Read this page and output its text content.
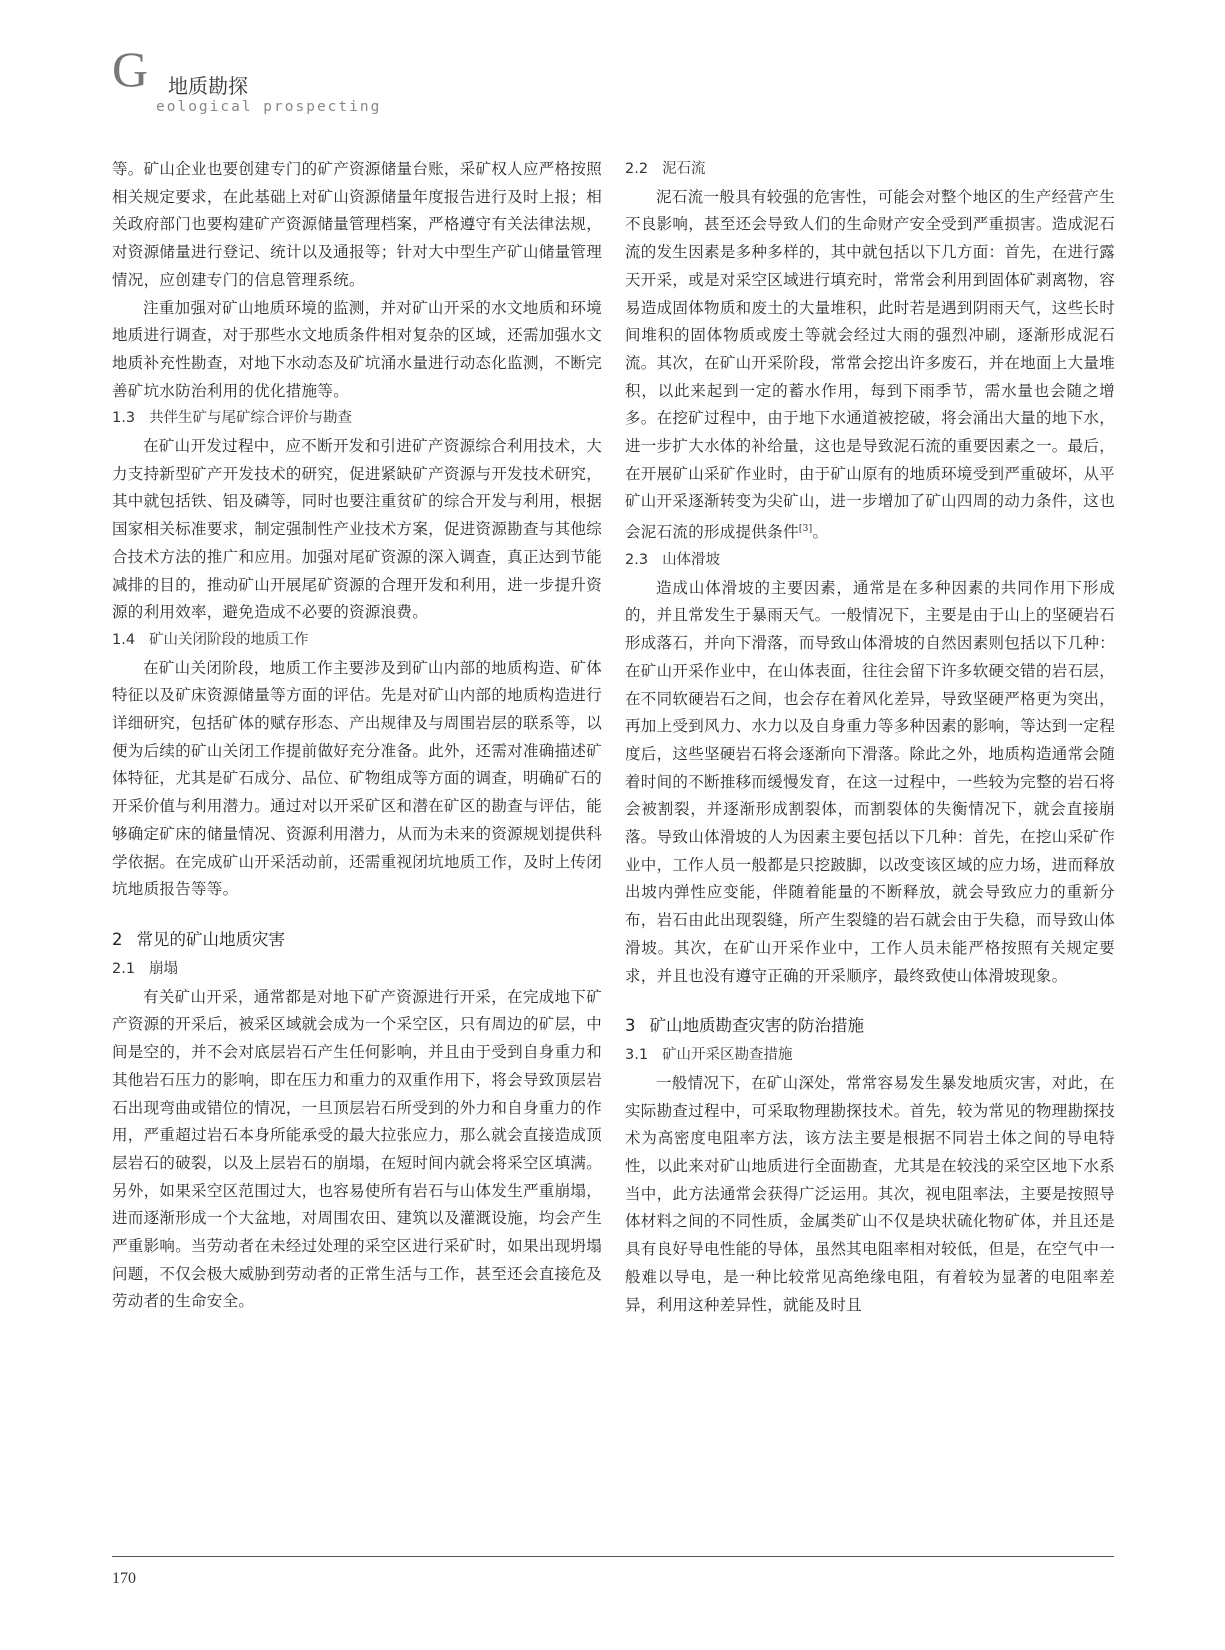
G 地质勘探
eological prospecting

等。矿山企业也要创建专门的矿产资源储量台账，采矿权人应严格按照相关规定要求，在此基础上对矿山资源储量年度报告进行及时上报；相关政府部门也要构建矿产资源储量管理档案，严格遵守有关法律法规，对资源储量进行登记、统计以及通报等；针对大中型生产矿山储量管理情况，应创建专门的信息管理系统。

注重加强对矿山地质环境的监测，并对矿山开采的水文地质和环境地质进行调查，对于那些水文地质条件相对复杂的区域，还需加强水文地质补充性勘查，对地下水动态及矿坑涌水量进行动态化监测，不断完善矿坑水防治利用的优化措施等。

1.3 共伴生矿与尾矿综合评价与勘查

在矿山开发过程中，应不断开发和引进矿产资源综合利用技术，大力支持新型矿产开发技术的研究，促进紧缺矿产资源与开发技术研究，其中就包括铁、铝及磷等，同时也要注重贫矿的综合开发与利用，根据国家相关标准要求，制定强制性产业技术方案，促进资源勘查与其他综合技术方法的推广和应用。加强对尾矿资源的深入调查，真正达到节能减排的目的，推动矿山开展尾矿资源的合理开发和利用，进一步提升资源的利用效率，避免造成不必要的资源浪费。

1.4 矿山关闭阶段的地质工作

在矿山关闭阶段，地质工作主要涉及到矿山内部的地质构造、矿体特征以及矿床资源储量等方面的评估。先是对矿山内部的地质构造进行详细研究，包括矿体的赋存形态、产出规律及与周围岩层的联系等，以便为后续的矿山关闭工作提前做好充分准备。此外，还需对准确描述矿体特征，尤其是矿石成分、品位、矿物组成等方面的调查，明确矿石的开采价值与利用潜力。通过对以开采矿区和潜在矿区的勘查与评估，能够确定矿床的储量情况、资源利用潜力，从而为未来的资源规划提供科学依据。在完成矿山开采活动前，还需重视闭坑地质工作，及时上传闭坑地质报告等等。

2 常见的矿山地质灾害
2.1 崩塌

有关矿山开采，通常都是对地下矿产资源进行开采，在完成地下矿产资源的开采后，被采区域就会成为一个采空区，只有周边的矿层，中间是空的，并不会对底层岩石产生任何影响，并且由于受到自身重力和其他岩石压力的影响，即在压力和重力的双重作用下，将会导致顶层岩石出现弯曲或错位的情况，一旦顶层岩石所受到的外力和自身重力的作用，严重超过岩石本身所能承受的最大拉张应力，那么就会直接造成顶层岩石的破裂，以及上层岩石的崩塌，在短时间内就会将采空区填满。另外，如果采空区范围过大，也容易使所有岩石与山体发生严重崩塌，进而逐渐形成一个大盆地，对周围农田、建筑以及灌溉设施，均会产生严重影响。当劳动者在未经过处理的采空区进行采矿时，如果出现坍塌问题，不仅会极大威胁到劳动者的正常生活与工作，甚至还会直接危及劳动者的生命安全。

2.2 泥石流

泥石流一般具有较强的危害性，可能会对整个地区的生产经营产生不良影响，甚至还会导致人们的生命财产安全受到严重损害。造成泥石流的发生因素是多种多样的，其中就包括以下几方面：首先，在进行露天开采，或是对采空区域进行填充时，常常会利用到固体矿剥离物，容易造成固体物质和废土的大量堆积，此时若是遇到阴雨天气，这些长时间堆积的固体物质或废土等就会经过大雨的强烈冲刷，逐渐形成泥石流。其次，在矿山开采阶段，常常会挖出许多废石，并在地面上大量堆积，以此来起到一定的蓄水作用，每到下雨季节，需水量也会随之增多。在挖矿过程中，由于地下水通道被挖破，将会涌出大量的地下水，进一步扩大水体的补给量，这也是导致泥石流的重要因素之一。最后，在开展矿山采矿作业时，由于矿山原有的地质环境受到严重破坏，从平矿山开采逐渐转变为尖矿山，进一步增加了矿山四周的动力条件，这也会泥石流的形成提供条件[3]。

2.3 山体滑坡

造成山体滑坡的主要因素，通常是在多种因素的共同作用下形成的，并且常发生于暴雨天气。一般情况下，主要是由于山上的坚硬岩石形成落石，并向下滑落，而导致山体滑坡的自然因素则包括以下几种：在矿山开采作业中，在山体表面，往往会留下许多软硬交错的岩石层，在不同软硬岩石之间，也会存在着风化差异，导致坚硬严格更为突出，再加上受到风力、水力以及自身重力等多种因素的影响，等达到一定程度后，这些坚硬岩石将会逐渐向下滑落。除此之外，地质构造通常会随着时间的不断推移而缓慢发育，在这一过程中，一些较为完整的岩石将会被割裂，并逐渐形成割裂体，而割裂体的失衡情况下，就会直接崩落。导致山体滑坡的人为因素主要包括以下几种：首先，在挖山采矿作业中，工作人员一般都是只挖跛脚，以改变该区域的应力场，进而释放出坡内弹性应变能，伴随着能量的不断释放，就会导致应力的重新分布，岩石由此出现裂缝，所产生裂缝的岩石就会由于失稳，而导致山体滑坡。其次，在矿山开采作业中，工作人员未能严格按照有关规定要求，并且也没有遵守正确的开采顺序，最终致使山体滑坡现象。

3 矿山地质勘查灾害的防治措施
3.1 矿山开采区勘查措施

一般情况下，在矿山深处，常常容易发生暴发地质灾害，对此，在实际勘查过程中，可采取物理勘探技术。首先，较为常见的物理勘探技术为高密度电阻率方法，该方法主要是根据不同岩土体之间的导电特性，以此来对矿山地质进行全面勘查，尤其是在较浅的采空区地下水系当中，此方法通常会获得广泛运用。其次，视电阻率法，主要是按照导体材料之间的不同性质，金属类矿山不仅是块状硫化物矿体，并且还是具有良好导电性能的导体，虽然其电阻率相对较低，但是，在空气中一般难以导电，是一种比较常见高绝缘电阻，有着较为显著的电阻率差异，利用这种差异性，就能及时且

170
